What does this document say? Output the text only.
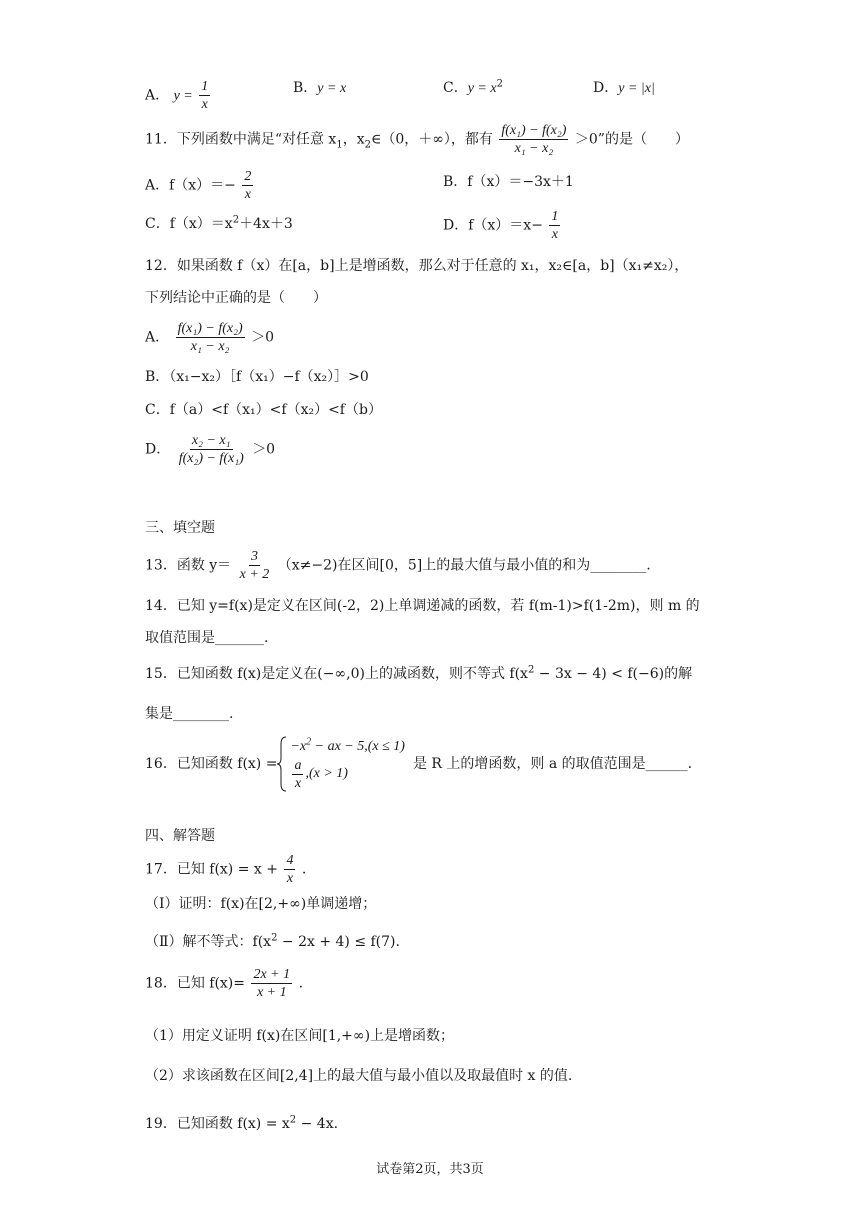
A． $y = \frac{1}{x}$	B．y = x	C．$y = x^2$	D．y = |x|
11．下列函数中满足“对任意 $x_1$，$x_2\in(0$，＋∞），都有 $\frac{\text{f(x₁) − f(x₂)}}{\text{x₁ − x₂}} >0$”的是（　　）
A．$f(x)=- \frac{2}{x}$	B．f（x）＝−3x＋1
C．$f(x)=x^2+4x+3$	D．$f(x)=x- \frac{1}{x}$
12．如果函数 f（x）在[a，b]上是增函数，那么对于任意的 x₁，x₂∈[a，b]（x₁≠x₂），
下列结论中正确的是（　　）
A． $\frac{\text{f(x₁) − f(x₂)}}{\text{x₁ − x₂}} >0$
B．（x₁−x₂）［f（x₁）−f（x₂）］>0
C．f（a）<f（x₁）<f（x₂）<f（b）
D． $\frac{\text{x₂ − x₁}}{\text{f(x₂) − f(x₁)}} >0$
三、填空题
13．函数 $y= \frac{3}{x + 2} (x\ne-2)$在区间[0，5]上的最大值与最小值的和为________.
14．已知 y=f(x)是定义在区间(-2，2)上单调递减的函数，若 f(m-1)>f(1-2m)，则 m 的
取值范围是_______.
15．已知函数 f(x)是定义在(−∞,0)上的减函数，则不等式 $f(x^2 - 3x - 4) < f(-6)$的解
集是________.
16．已知函数 f(x) =
$-x^2$ − ax − 5,(x ≤ 1)
$\frac{a}{x} ,(x > 1)$
是 R 上的增函数，则 a 的取值范围是______.
四、解答题
17．已知 $f(x) = x + \frac{4}{x}$ .
（Ⅰ）证明：f(x)在[2,+∞)单调递增；
（Ⅱ）解不等式：$f(x^2 - 2x + 4) \le f(7)$.
18．已知 $f(x)= \frac{2x + 1}{x + 1}$ .
（1）用定义证明 f(x)在区间[1,+∞)上是增函数；
（2）求该函数在区间[2,4]上的最大值与最小值以及取最值时 x 的值.
19．已知函数 $f(x) = x^2 - 4x$.
试卷第2页，共3页
